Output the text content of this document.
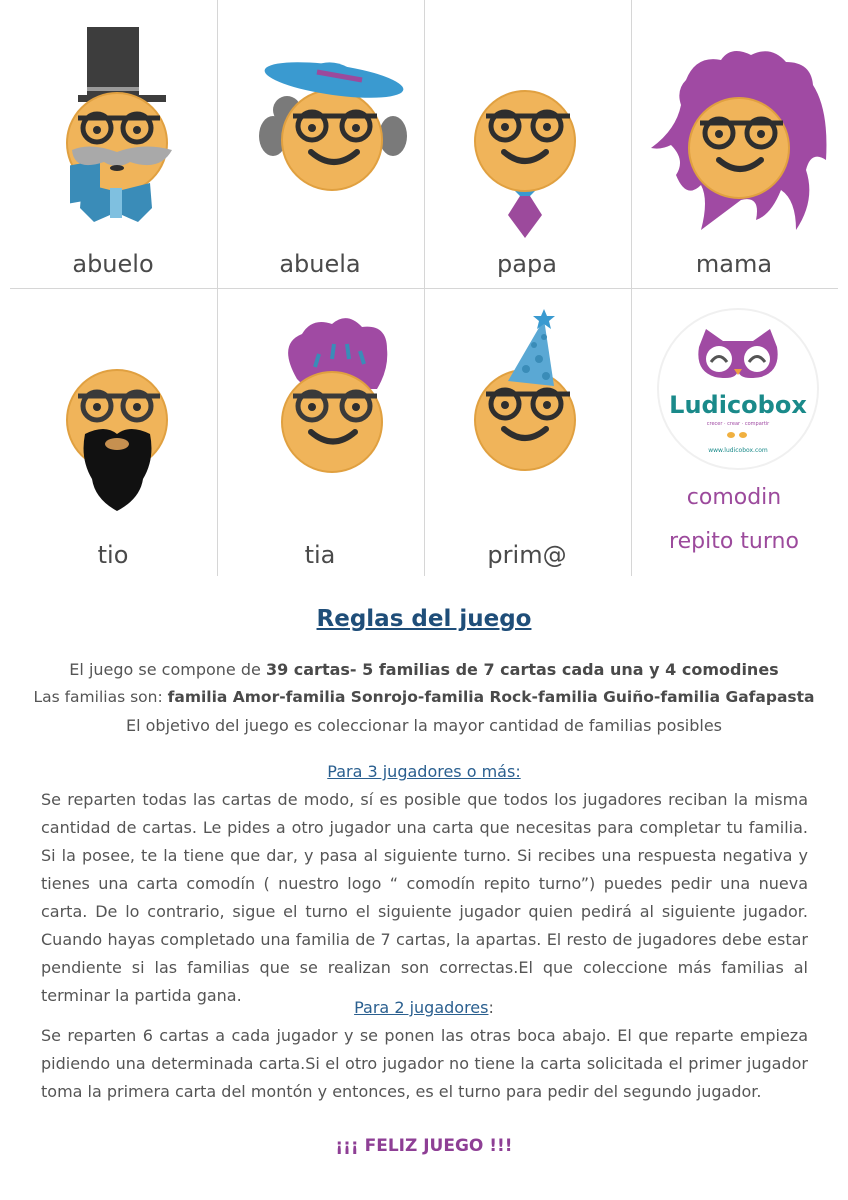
abuelo	abuela	papa	mama
tio	tia	prim@
Ludicobox
crecer · crear · compartir
www.ludicobox.com
comodin
repito turno
Reglas del juego
El juego se compone de 39 cartas- 5 familias de 7 cartas cada una y 4 comodines
Las familias son: familia Amor-familia Sonrojo-familia Rock-familia Guiño-familia Gafapasta
El objetivo del juego es coleccionar la mayor cantidad de familias posibles
Para 3 jugadores o más:
Se reparten todas las cartas de modo, sí es posible que todos los jugadores reciban la misma cantidad de cartas. Le pides a otro jugador una carta que necesitas para completar tu familia. Si la posee, te la tiene que dar, y pasa al siguiente turno. Si recibes una respuesta negativa y tienes una carta comodín ( nuestro logo “ comodín repito turno”) puedes pedir una nueva carta. De lo contrario, sigue el turno el siguiente jugador quien pedirá al siguiente jugador. Cuando hayas completado una familia de 7 cartas, la apartas. El resto de jugadores debe estar pendiente si las familias que se realizan son correctas.El que coleccione más familias al terminar la partida gana.
Para 2 jugadores:
Se reparten 6 cartas a cada jugador y se ponen las otras boca abajo. El que reparte empieza pidiendo una determinada carta.Si el otro jugador no tiene la carta solicitada el primer jugador toma la primera carta del montón y entonces, es el turno para pedir del segundo jugador.
¡¡¡ FELIZ JUEGO !!!
